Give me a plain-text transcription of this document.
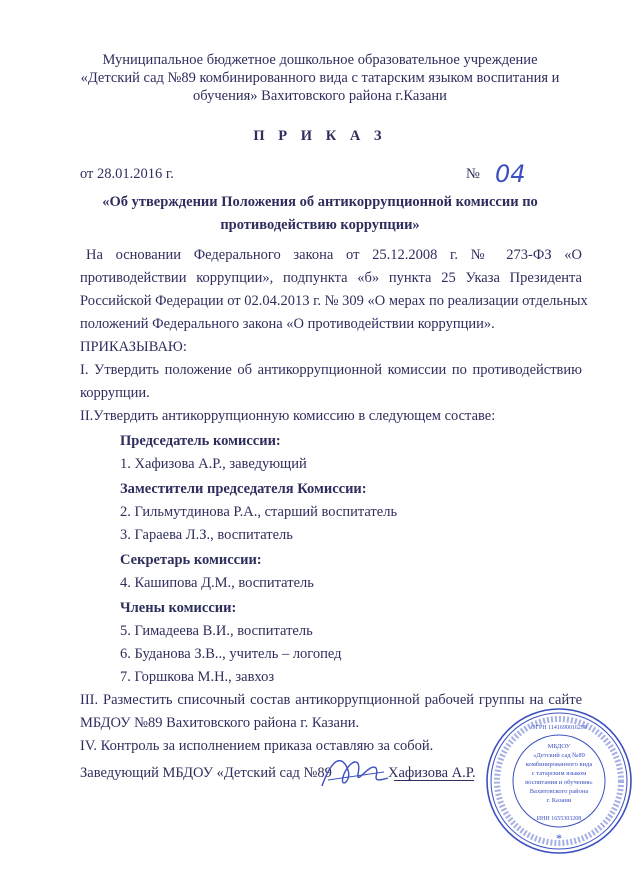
Муниципальное бюджетное дошкольное образовательное учреждение
«Детский сад №89 комбинированного вида с татарским языком воспитания и
обучения» Вахитовского района г.Казани
П Р И К А З
от 28.01.2016 г.	№ 04
«Об утверждении Положения об антикоррупционной комиссии по
противодействию коррупции»
На основании Федерального закона от 25.12.2008 г. № 273-ФЗ «О
противодействии коррупции», подпункта «б» пункта 25 Указа Президента
Российской Федерации от 02.04.2013 г. № 309 «О мерах по реализации отдельных
положений Федерального закона «О противодействии коррупции».
ПРИКАЗЫВАЮ:
I. Утвердить положение об антикоррупционной комиссии по противодействию
коррупции.
II.Утвердить антикоррупционную комиссию в следующем составе:
Председатель комиссии:
1. Хафизова А.Р., заведующий
Заместители председателя Комиссии:
2. Гильмутдинова Р.А., старший воспитатель
3. Гараева Л.З., воспитатель
Секретарь комиссии:
4. Кашипова Д.М., воспитатель
Члены комиссии:
5. Гимадеева В.И., воспитатель
6. Буданова З.В.., учитель – логопед
7. Горшкова М.Н., завхоз
III. Разместить списочный состав антикоррупционной рабочей группы на сайте
МБДОУ №89 Вахитовского района г. Казани.
IV. Контроль за исполнением приказа оставляю за собой.
Заведующий МБДОУ «Детский сад №89	Хафизова А.Р.
*
ОГРН 1141690016298
МБДОУ
«Детский сад №89
комбинированного вида
с татарским языком
воспитания и обучения»
Вахитовского района
г. Казани
ИНН 1655303208
